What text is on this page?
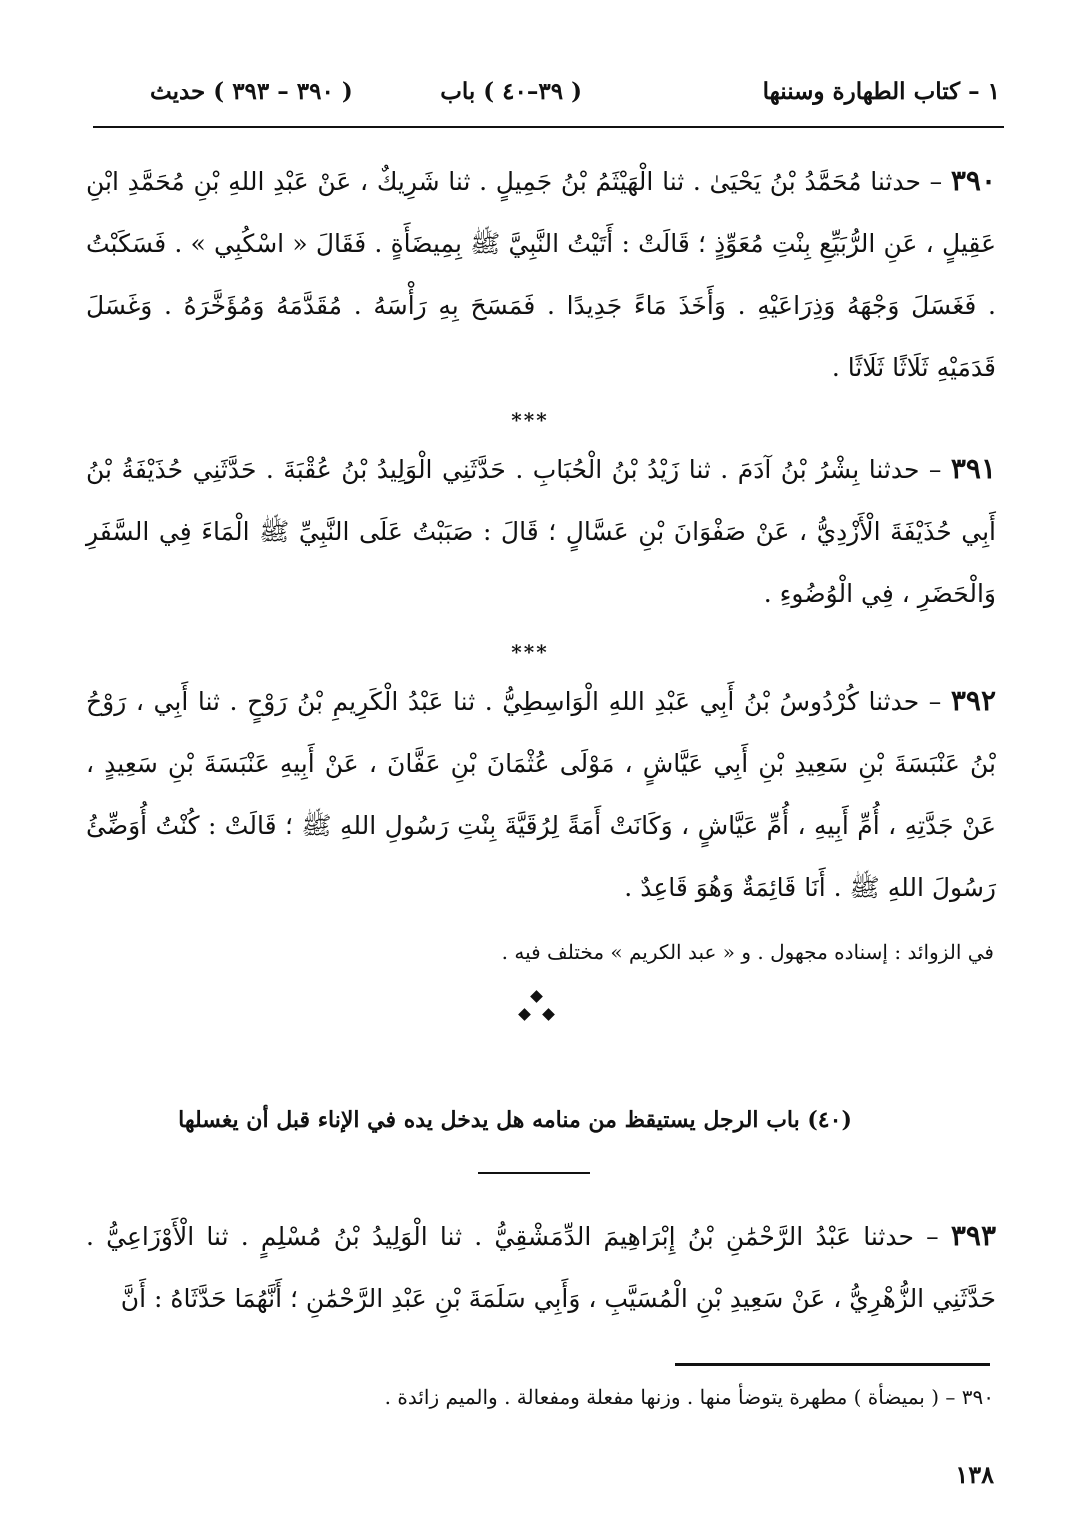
١ – كتاب الطهارة وسننها
( ٣٩–٤٠ ) باب
( ٣٩٠ – ٣٩٣ ) حديث
٣٩٠ – حدثنا مُحَمَّدُ بْنُ يَحْيَىٰ . ثنا الْهَيْثَمُ بْنُ جَمِيلٍ . ثنا شَرِيكٌ ، عَنْ عَبْدِ اللهِ بْنِ مُحَمَّدِ ابْنِ عَقِيلٍ ، عَنِ الرُّبَيِّعِ بِنْتِ مُعَوِّذٍ ؛ قَالَتْ : أَتَيْتُ النَّبِيَّ ﷺ بِمِيضَأَةٍ . فَقَالَ « اسْكُبِي » . فَسَكَبْتُ . فَغَسَلَ وَجْهَهُ وَذِرَاعَيْهِ . وَأَخَذَ مَاءً جَدِيدًا . فَمَسَحَ بِهِ رَأْسَهُ . مُقَدَّمَهُ وَمُؤَخَّرَهُ . وَغَسَلَ قَدَمَيْهِ ثَلَاثًا ثَلَاثًا .
***
٣٩١ – حدثنا بِشْرُ بْنُ آدَمَ . ثنا زَيْدُ بْنُ الْحُبَابِ . حَدَّثَنِي الْوَلِيدُ بْنُ عُقْبَةَ . حَدَّثَنِي حُذَيْفَةُ بْنُ أَبِي حُذَيْفَةَ الْأَزْدِيُّ ، عَنْ صَفْوَانَ بْنِ عَسَّالٍ ؛ قَالَ : صَبَبْتُ عَلَى النَّبِيِّ ﷺ الْمَاءَ فِي السَّفَرِ وَالْحَضَرِ ، فِي الْوُضُوءِ .
***
٣٩٢ – حدثنا كُرْدُوسُ بْنُ أَبِي عَبْدِ اللهِ الْوَاسِطِيُّ . ثنا عَبْدُ الْكَرِيمِ بْنُ رَوْحٍ . ثنا أَبِي ، رَوْحُ بْنُ عَنْبَسَةَ بْنِ سَعِيدِ بْنِ أَبِي عَيَّاشٍ ، مَوْلَى عُثْمَانَ بْنِ عَفَّانَ ، عَنْ أَبِيهِ عَنْبَسَةَ بْنِ سَعِيدٍ ، عَنْ جَدَّتِهِ ، أُمِّ أَبِيهِ ، أُمِّ عَيَّاشٍ ، وَكَانَتْ أَمَةً لِرُقَيَّةَ بِنْتِ رَسُولِ اللهِ ﷺ ؛ قَالَتْ : كُنْتُ أُوَضِّئُ رَسُولَ اللهِ ﷺ . أَنَا قَائِمَةٌ وَهُوَ قَاعِدٌ .
في الزوائد : إسناده مجهول . و « عبد الكريم » مختلف فيه .
(٤٠) باب الرجل يستيقظ من منامه هل يدخل يده في الإناء قبل أن يغسلها
٣٩٣ – حدثنا عَبْدُ الرَّحْمَٰنِ بْنُ إِبْرَاهِيمَ الدِّمَشْقِيُّ . ثنا الْوَلِيدُ بْنُ مُسْلِمٍ . ثنا الْأَوْزَاعِيُّ . حَدَّثَنِي الزُّهْرِيُّ ، عَنْ سَعِيدِ بْنِ الْمُسَيَّبِ ، وَأَبِي سَلَمَةَ بْنِ عَبْدِ الرَّحْمَٰنِ ؛ أَنَّهُمَا حَدَّثَاهُ : أَنَّ
٣٩٠ – ( بميضأة ) مطهرة يتوضأ منها . وزنها مفعلة ومفعالة . والميم زائدة .
١٣٨
